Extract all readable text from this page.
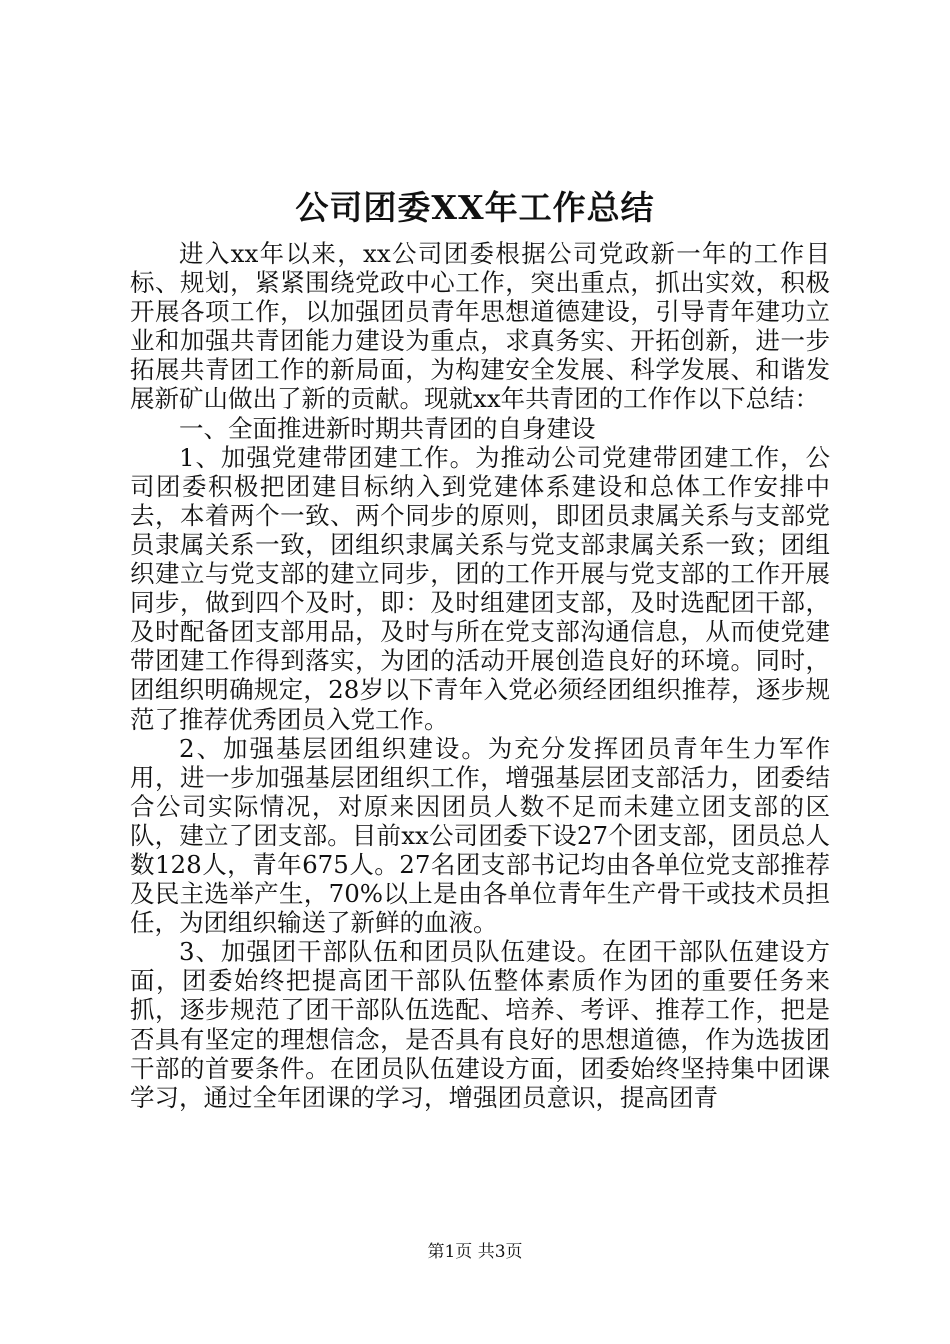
公司团委XX年工作总结

进入xx年以来，xx公司团委根据公司党政新一年的工作目标、规划，紧紧围绕党政中心工作，突出重点，抓出实效，积极开展各项工作，以加强团员青年思想道德建设，引导青年建功立业和加强共青团能力建设为重点，求真务实、开拓创新，进一步拓展共青团工作的新局面，为构建安全发展、科学发展、和谐发展新矿山做出了新的贡献。现就xx年共青团的工作作以下总结：

一、全面推进新时期共青团的自身建设

1、加强党建带团建工作。为推动公司党建带团建工作，公司团委积极把团建目标纳入到党建体系建设和总体工作安排中去，本着两个一致、两个同步的原则，即团员隶属关系与支部党员隶属关系一致，团组织隶属关系与党支部隶属关系一致；团组织建立与党支部的建立同步，团的工作开展与党支部的工作开展同步，做到四个及时，即：及时组建团支部，及时选配团干部，及时配备团支部用品，及时与所在党支部沟通信息，从而使党建带团建工作得到落实，为团的活动开展创造良好的环境。同时，团组织明确规定，28岁以下青年入党必须经团组织推荐，逐步规范了推荐优秀团员入党工作。

2、加强基层团组织建设。为充分发挥团员青年生力军作用，进一步加强基层团组织工作，增强基层团支部活力，团委结合公司实际情况，对原来因团员人数不足而未建立团支部的区队，建立了团支部。目前xx公司团委下设27个团支部，团员总人数128人，青年675人。27名团支部书记均由各单位党支部推荐及民主选举产生，70%以上是由各单位青年生产骨干或技术员担任，为团组织输送了新鲜的血液。

3、加强团干部队伍和团员队伍建设。在团干部队伍建设方面，团委始终把提高团干部队伍整体素质作为团的重要任务来抓，逐步规范了团干部队伍选配、培养、考评、推荐工作，把是否具有坚定的理想信念，是否具有良好的思想道德，作为选拔团干部的首要条件。在团员队伍建设方面，团委始终坚持集中团课学习，通过全年团课的学习，增强团员意识，提高团青

第1页 共3页
